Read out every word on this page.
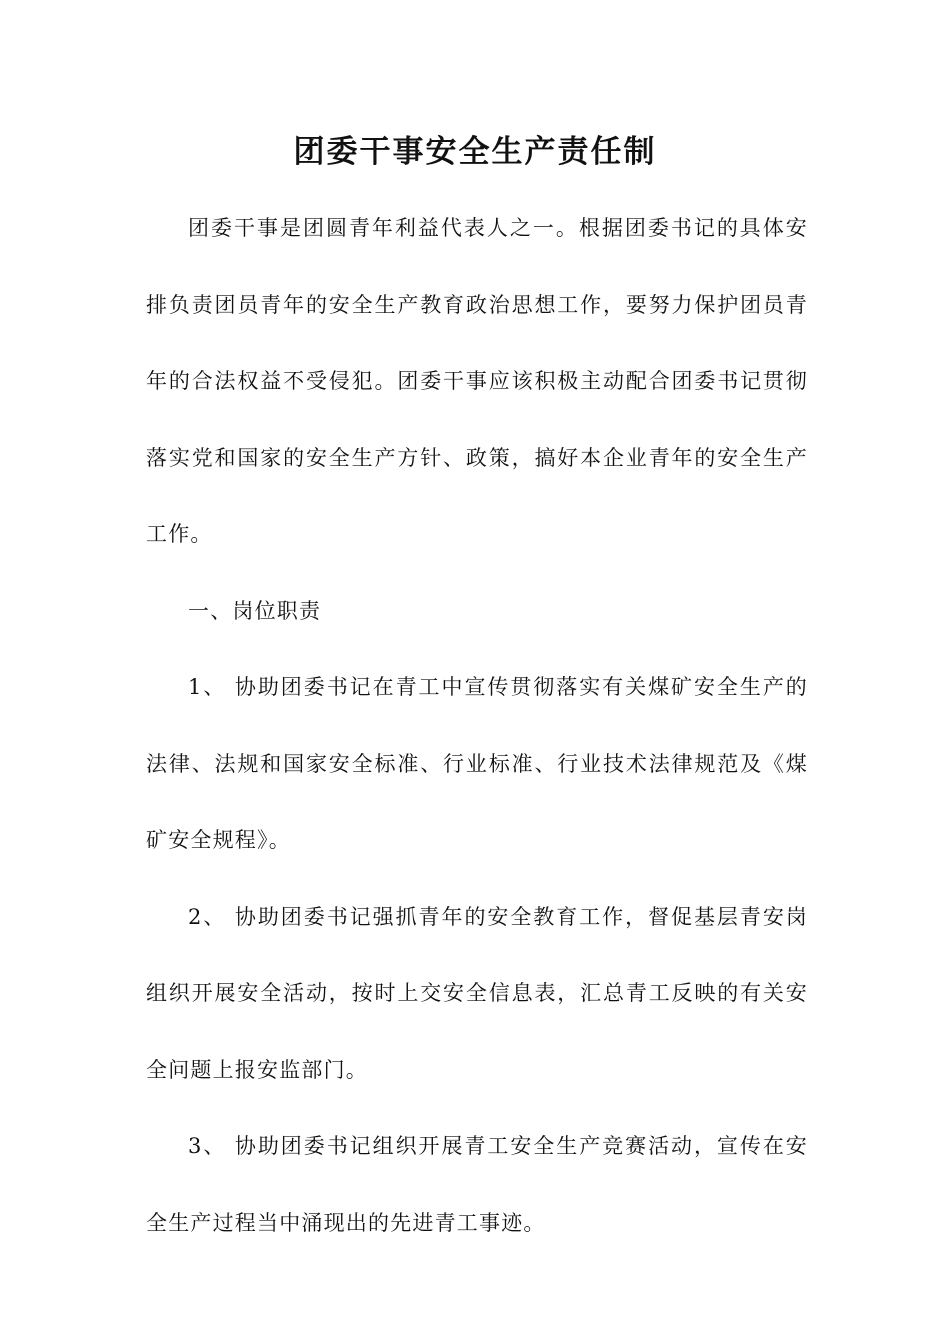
团委干事安全生产责任制

团委干事是团圆青年利益代表人之一。根据团委书记的具体安排负责团员青年的安全生产教育政治思想工作，要努力保护团员青年的合法权益不受侵犯。团委干事应该积极主动配合团委书记贯彻落实党和国家的安全生产方针、政策，搞好本企业青年的安全生产工作。

一、岗位职责

1、 协助团委书记在青工中宣传贯彻落实有关煤矿安全生产的法律、法规和国家安全标准、行业标准、行业技术法律规范及《煤矿安全规程》。

2、 协助团委书记强抓青年的安全教育工作，督促基层青安岗组织开展安全活动，按时上交安全信息表，汇总青工反映的有关安全问题上报安监部门。

3、 协助团委书记组织开展青工安全生产竞赛活动，宣传在安全生产过程当中涌现出的先进青工事迹。
